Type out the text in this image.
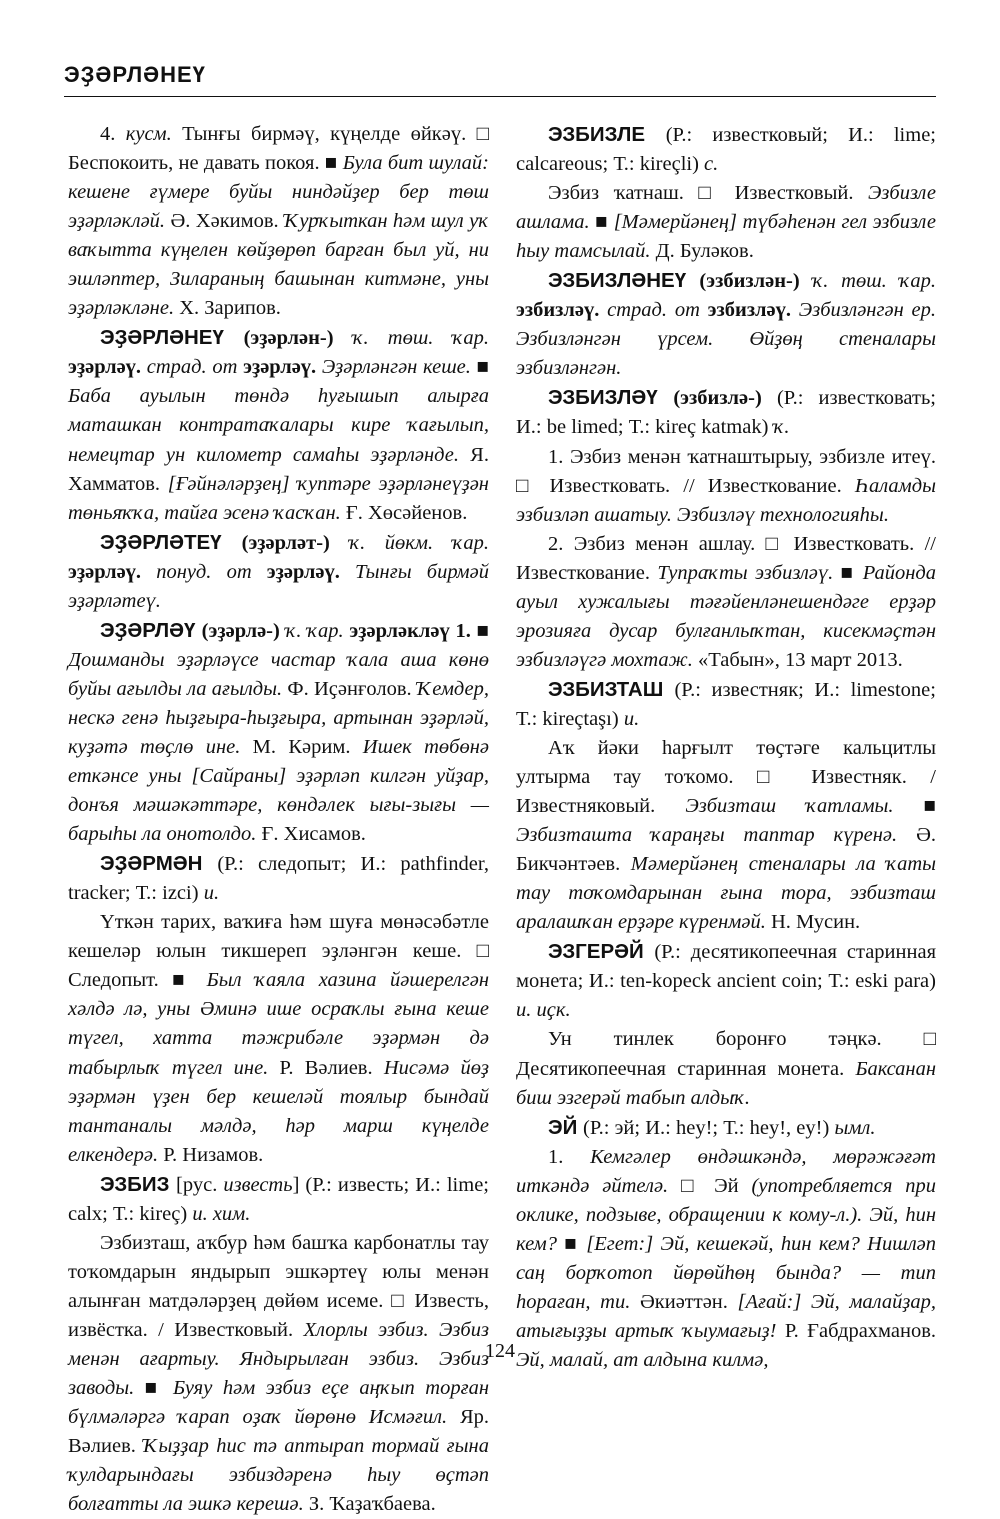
ЭҘӘРЛӘНЕҮ

4. кусм. Тынғы бирмәү, күңелде өйкәү. □ Беспокоить, не давать покоя. ■ Була бит шулай: кешене ғүмере буйы ниндәйҙер бер төш эҙәрләкләй. Ә. Хәкимов. Ҡурҡыткан һәм шул уҡ ваҡытта күңелен көйҙөрөп барған был уй, ни эшләптер, Зилараның башынан китмәне, уны эҙәрләкләне. Х. Зарипов.

ЭҘӘРЛӘНЕҮ (эҙәрлән-) ҡ. төш. ҡар. эҙәрләү. страд. от эҙәрләү. Эҙәрләнгән кеше. ■ Баба ауылын төндә һуғышып алырға маташкан контратаҡалары кире ҡағылып, немецтар ун километр самаһы эҙәрләнде. Я. Хамматов. [Ғәйнәләрҙең] ҡуптәре эҙәрләнеүҙән төньяҡҡа, тайға эсенә ҡасҡан. Ғ. Хөсәйенов.

ЭҘӘРЛӘТЕҮ (эҙәрләт-) ҡ. йөкм. ҡар. эҙәрләү. понуд. от эҙәрләү. Тынғы бирмәй эҙәрләтеү.

ЭҘӘРЛӘҮ (эҙәрлә-) ҡ. ҡар. эҙәрләкләү 1. ■ Дошманды эҙәрләүсе частар ҡала аша көнө буйы ағылды ла ағылды. Ф. Иҫәнғолов. Ҡемдер, нескә генә һыҙғыра-һыҙғыра, артынан эҙәрләй, куҙәтә төҫлө ине. М. Кәрим. Ишек төбөнә еткәнсе уны [Сайраны] эҙәрләп килгән уйҙар, донъя мәшәкәттәре, көндәлек ығы-зығы — барыһы ла онотолдо. Ғ. Хисамов.

ЭҘӘРМӘН (Р.: следопыт; И.: pathfinder, tracker; Т.: izci) и.

Үткән тарих, ваҡиға һәм шуға мөнәсәбәтле кешеләр юлын тикшереп эҙләнгән кеше. □ Следопыт. ■ Был ҡаяла хазина йәшерелгән хәлдә лә, уны Әминә ише осраҡлы ғына кеше түгел, хатта тәжрибәле эҙәрмән дә табырлыҡ түгел ине. Р. Вәлиев. Нисәмә йөҙ эҙәрмән үҙен бер кешеләй тоялыр бындай тантаналы мәлдә, һәр марш күңелде елкендерә. Р. Низамов.

ЭЗБИЗ [рус. известь] (Р.: известь; И.: lime; calx; Т.: kireç) и. хим.

Эзбизташ, аҡбур һәм башҡа карбонатлы тау тоҡомдарын яндырып эшкәртеү юлы менән алынған матдәләрҙең дөйөм исеме. □ Известь, извёстка. / Известковый. Хлорлы эзбиз. Эзбиз менән ағартыу. Яндырылған эзбиз. Эзбиз заводы. ■ Буяу һәм эзбиз еҫе аңҡып торған бүлмәләргә ҡарап оҙаҡ йөрөнө Исмәғил. Яр. Вәлиев. Ҡыҙҙар һис тә аптырап тормай ғына ҡулдарындағы эзбиздәренә һыу өҫтәп болғатты ла эшкә керешә. З. Ҡаҙаҡбаева.

ЭЗБИЗЛЕ (Р.: известковый; И.: lime; calcareous; Т.: kireçli) с.

Эзбиз ҡатнаш. □ Известковый. Эзбизле ашлама. ■ [Мәмерйәнең] түбәһенән гел эзбизле һыу тамсылай. Д. Буләков.

ЭЗБИЗЛӘНЕҮ (эзбизлән-) ҡ. төш. ҡар. эзбизләү. страд. от эзбизләү. Эзбизләнгән ер. Эзбизләнгән үрсем. Өйҙөң стеналары эзбизләнгән.

ЭЗБИЗЛӘҮ (эзбизлә-) (Р.: известковать; И.: be limed; Т.: kireç katmak) ҡ.

1. Эзбиз менән ҡатнаштырыу, эзбизле итеү. □ Известковать. // Известкование. Һаламды эзбизләп ашатыу. Эзбизләү технологияһы.

2. Эзбиз менән ашлау. □ Известковать. // Известкование. Тупраҡты эзбизләү. ■ Районда ауыл хужалығы тәғәйенләнешендәге ерҙәр эрозияға дусар булғанлыҡтан, кисекмәҫтән эзбизләүгә мохтаж. «Табын», 13 март 2013.

ЭЗБИЗТАШ (Р.: известняк; И.: limestone; Т.: kireçtaşı) и.

Аҡ йәки һарғылт төҫтәге кальцитлы ултырма тау тоҡомо. □ Известняк. / Известняковый. Эзбизташ ҡатламы. ■ Эзбизташта ҡараңғы таптар күренә. Ә. Бикчәнтәев. Мәмерйәнең стеналары ла ҡаты тау тоҡомдарынан ғына тора, эзбизташ аралашҡан ерҙәре күренмәй. Н. Мусин.

ЭЗГЕРӘЙ (Р.: десятикопеечная старинная монета; И.: ten-kopeck ancient coin; Т.: eski para) и. иҫк.

Ун тинлек боронғо тәңкә. □ Десятикопеечная старинная монета. Баксанан биш эзгерәй табып алдыҡ.

ЭЙ (Р.: эй; И.: hey!; Т.: hey!, ey!) ымл.

1. Кемгәлер өндәшкәндә, мөрәжәғәт иткәндә әйтелә. □ Эй (употребляется при оклике, подзыве, обращении к кому-л.). Эй, һин кем? ■ [Егет:] Эй, кешекәй, һин кем? Нишләп саң борҡотоп йөрөйһөң бында? — тип һораған, ти. Әкиәттән. [Ағай:] Эй, малайҙар, атығыҙҙы артыҡ ҡыумағыҙ! Р. Ғабдрахманов. Эй, малай, ат алдына килмә,

124
